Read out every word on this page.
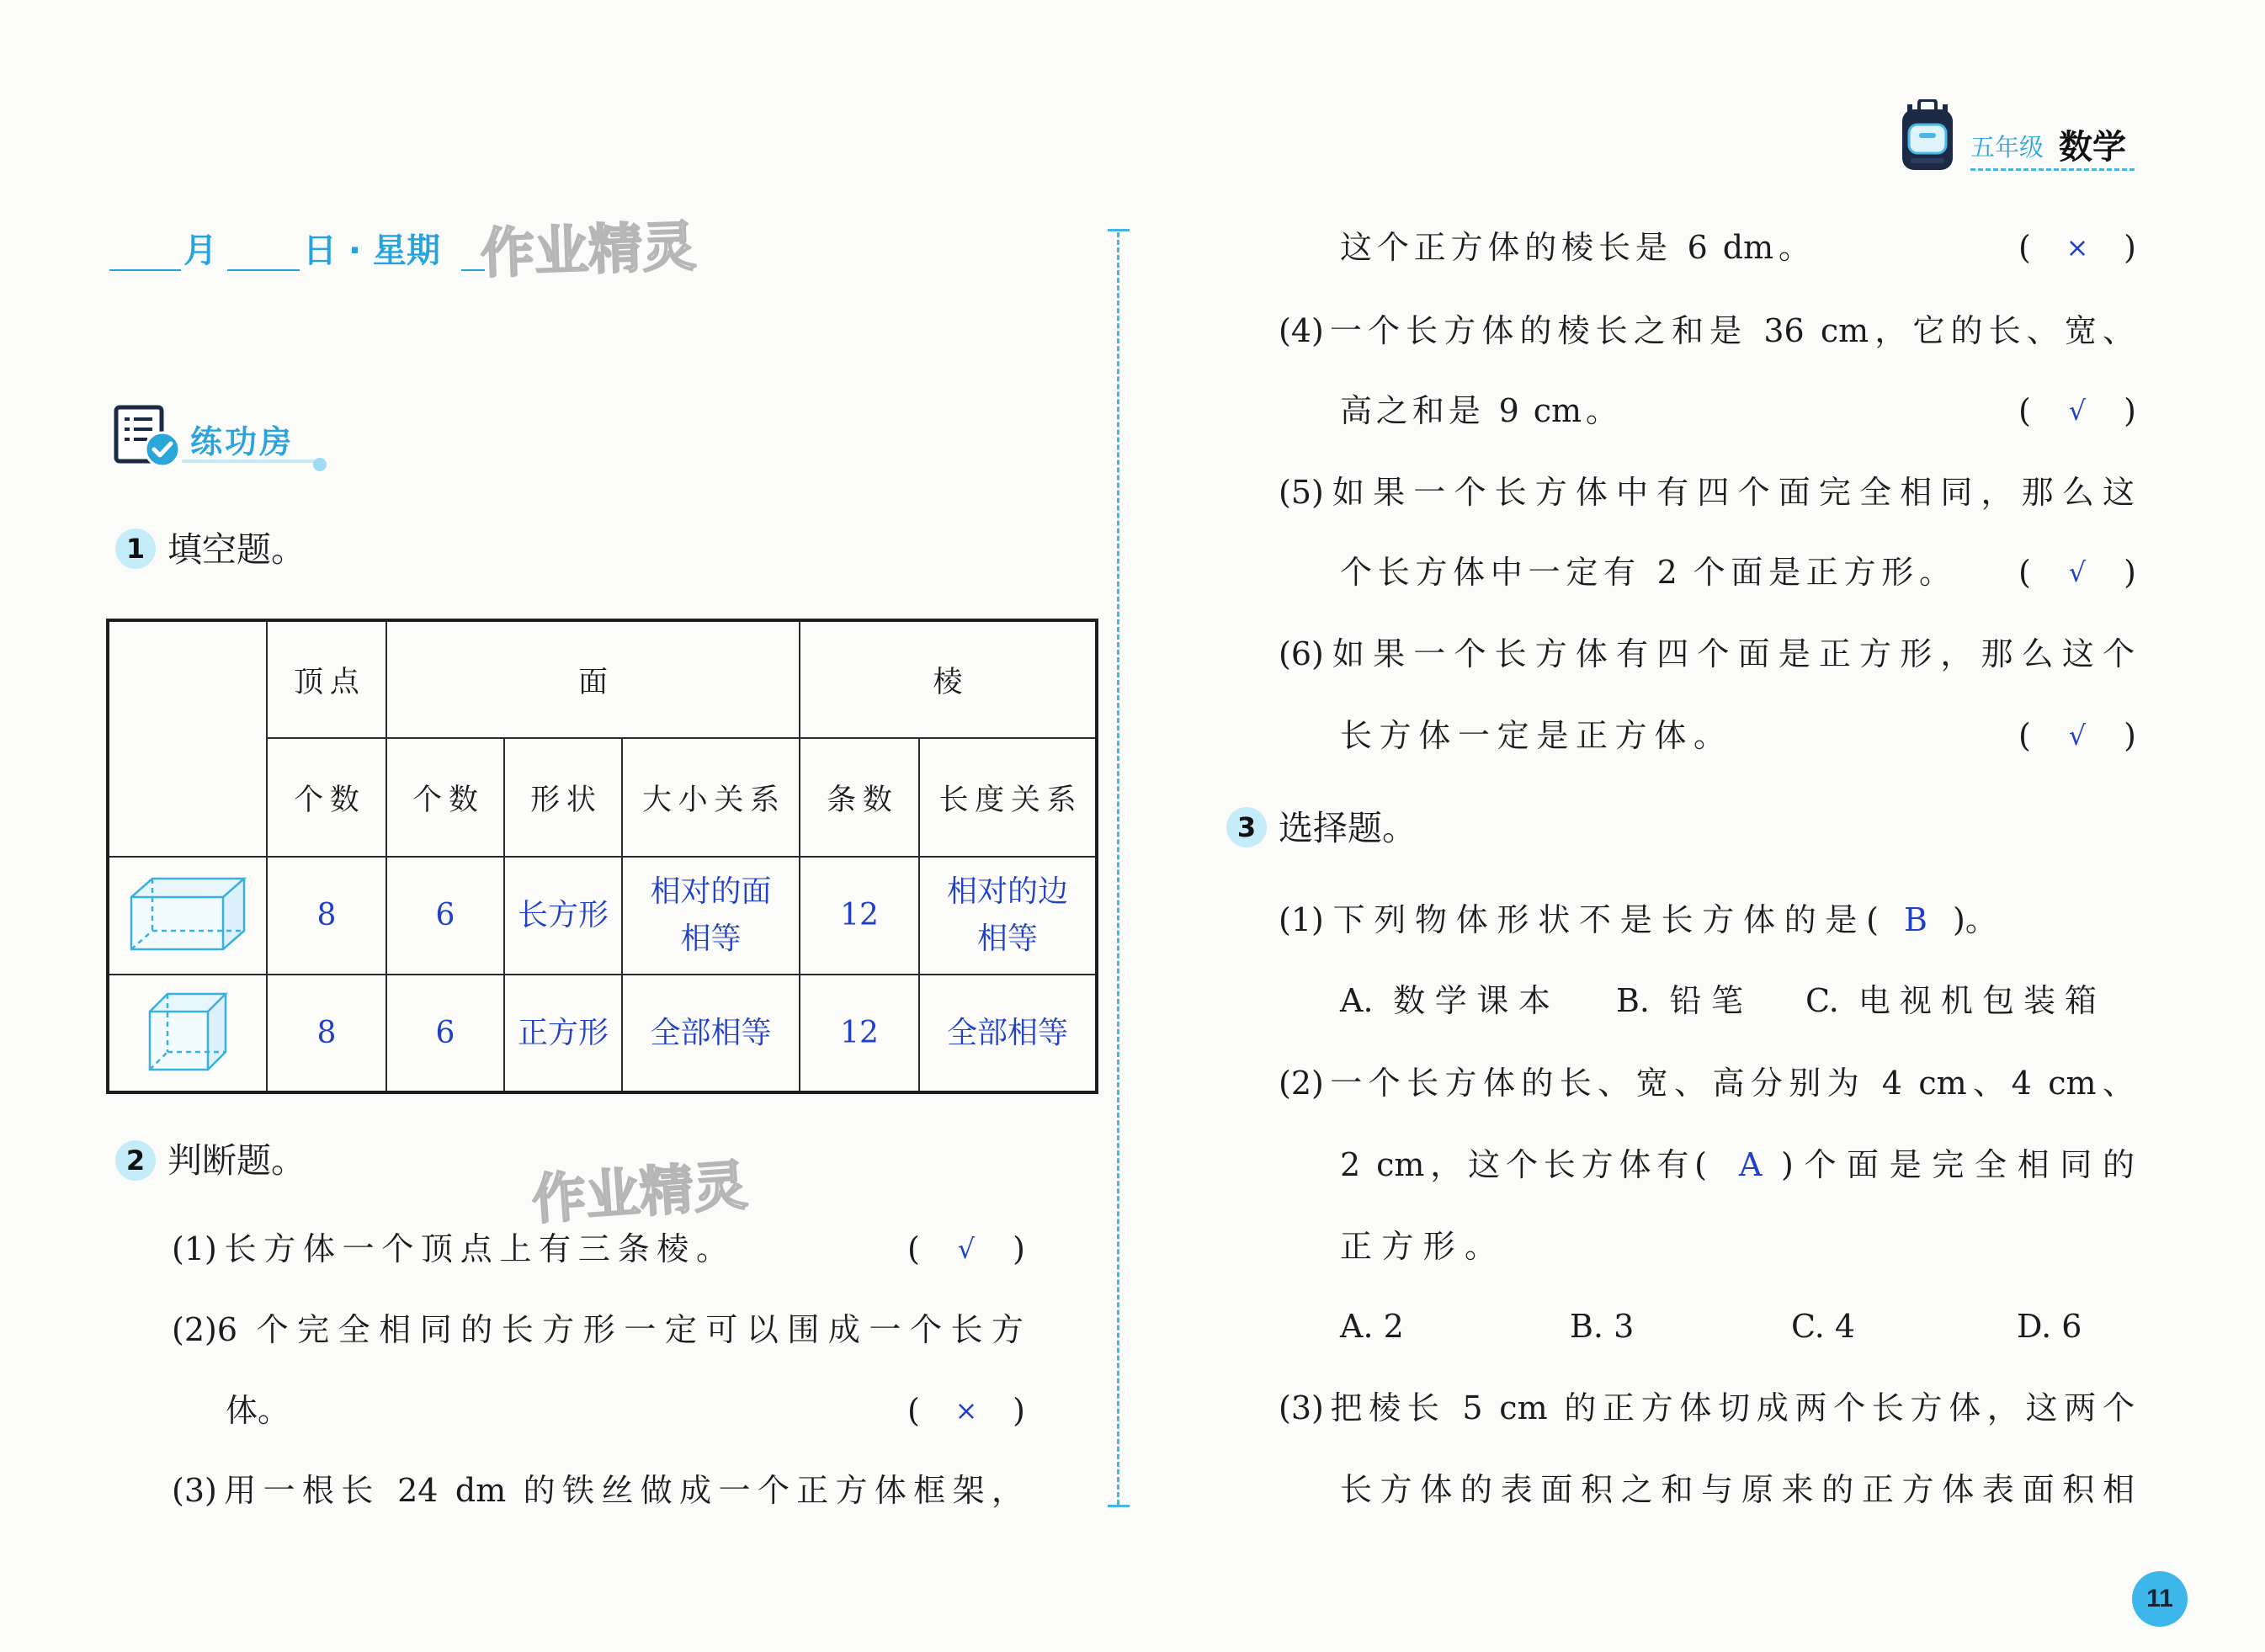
五年级 数学
月	日 · 星期 作业精灵
作业精灵
练功房
1 填空题。
	顶点	面			棱	
	个数	个数	形状	大小关系	条数	长度关系
	8	6	长方形	相对的面相等	12	相对的边相等
	8	6	正方形	全部相等	12	全部相等
2 判断题。
(1)长方体一个顶点上有三条棱。	( √ )
(2)6 个完全相同的长方形一定可以围成一个长方
体。	( × )
(3)用一根长 24 dm 的铁丝做成一个正方体框架，
这个正方体的棱长是 6 dm。	( × )
(4)一个长方体的棱长之和是 36 cm，它的长、宽、
高之和是 9 cm。	( √ )
(5)如果一个长方体中有四个面完全相同，那么这
个长方体中一定有 2 个面是正方形。 ( √ )
(6)如果一个长方体有四个面是正方形，那么这个
长方体一定是正方体。	( √ )
3 选择题。
(1)下列物体形状不是长方体的是( B )。
A. 数学课本 B. 铅笔 C. 电视机包装箱
(2)一个长方体的长、宽、高分别为 4 cm、4 cm、
2 cm，这个长方体有( A )个面是完全相同的
正方形。
A. 2	B. 3	C. 4	D. 6
(3)把棱长 5 cm 的正方体切成两个长方体，这两个
长方体的表面积之和与原来的正方体表面积相
11
